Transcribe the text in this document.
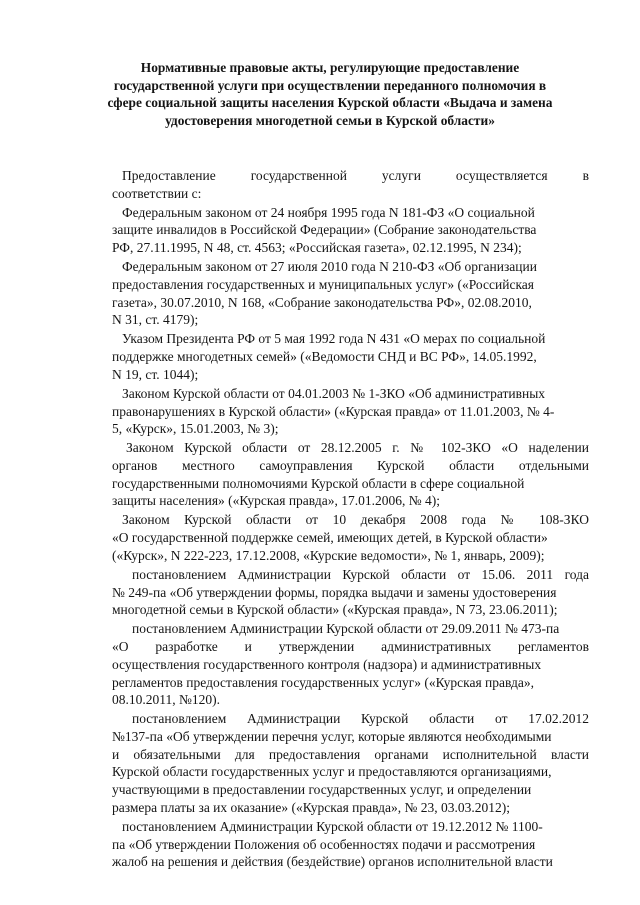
Нормативные правовые акты, регулирующие предоставление
государственной услуги при осуществлении переданного полномочия в
сфере социальной защиты населения Курской области «Выдача и замена
удостоверения многодетной семьи в Курской области»
Предоставление государственной услуги осуществляется в
соответствии с:
Федеральным законом от 24 ноября 1995 года N 181-ФЗ «О социальной
защите инвалидов в Российской Федерации» (Собрание законодательства
РФ, 27.11.1995, N 48, ст. 4563; «Российская газета», 02.12.1995, N 234);
Федеральным законом от 27 июля 2010 года N 210-ФЗ «Об организации
предоставления государственных и муниципальных услуг» («Российская
газета», 30.07.2010, N 168, «Собрание законодательства РФ», 02.08.2010,
N 31, ст. 4179);
Указом Президента РФ от 5 мая 1992 года N 431 «О мерах по социальной
поддержке многодетных семей» («Ведомости СНД и ВС РФ», 14.05.1992,
N 19, ст. 1044);
Законом Курской области от 04.01.2003 № 1-ЗКО «Об административных
правонарушениях в Курской области» («Курская правда» от 11.01.2003, № 4-
5, «Курск», 15.01.2003, № 3);
Законом Курской области от 28.12.2005 г. № 102-ЗКО «О наделении
органов местного самоуправления Курской области отдельными
государственными полномочиями Курской области в сфере социальной
защиты населения» («Курская правда», 17.01.2006, № 4);
Законом Курской области от 10 декабря 2008 года № 108-ЗКО
«О государственной поддержке семей, имеющих детей, в Курской области»
(«Курск», N 222-223, 17.12.2008, «Курские ведомости», № 1, январь, 2009);
постановлением Администрации Курской области от 15.06. 2011 года
№ 249-па «Об утверждении формы, порядка выдачи и замены удостоверения
многодетной семьи в Курской области» («Курская правда», N 73, 23.06.2011);
постановлением Администрации Курской области от 29.09.2011 № 473-па
«О разработке и утверждении административных регламентов
осуществления государственного контроля (надзора) и административных
регламентов предоставления государственных услуг» («Курская правда»,
08.10.2011, №120).
постановлением Администрации Курской области от 17.02.2012
№137-па «Об утверждении перечня услуг, которые являются необходимыми
и обязательными для предоставления органами исполнительной власти
Курской области государственных услуг и предоставляются организациями,
участвующими в предоставлении государственных услуг, и определении
размера платы за их оказание» («Курская правда», № 23, 03.03.2012);
постановлением Администрации Курской области от 19.12.2012 № 1100-
па «Об утверждении Положения об особенностях подачи и рассмотрения
жалоб на решения и действия (бездействие) органов исполнительной власти
